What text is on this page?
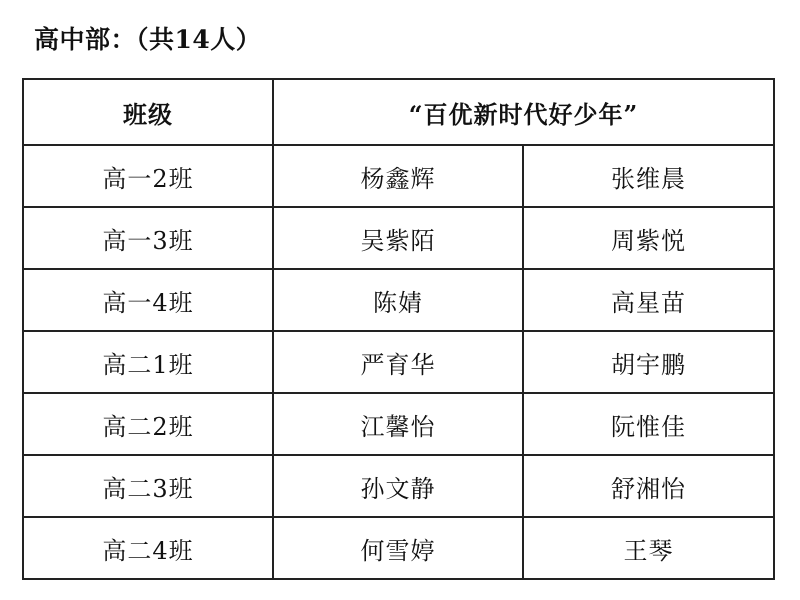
高中部：（共14人）
班级	“百优新时代好少年”	
高一2班	杨鑫辉	张维晨
高一3班	吴紫陌	周紫悦
高一4班	陈婧	高星苗
高二1班	严育华	胡宇鹏
高二2班	江馨怡	阮惟佳
高二3班	孙文静	舒湘怡
高二4班	何雪婷	王琴
